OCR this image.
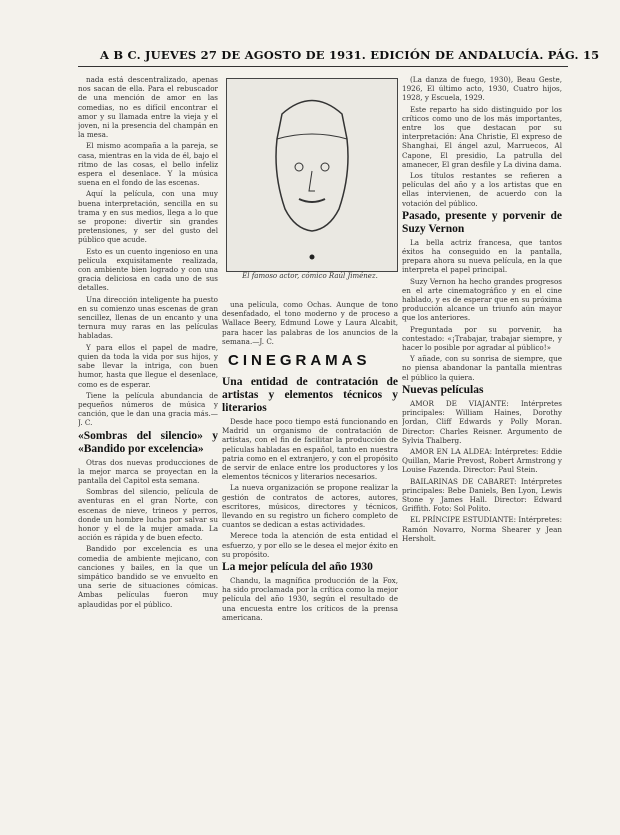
A B C. JUEVES 27 DE AGOSTO DE 1931. EDICIÓN DE ANDALUCÍA. PÁG. 15

nada está descentralizado, apenas nos sacan de ella. Para el rebuscador de una mención de amor en las comedias, no es difícil encontrar el amor y su llamada entre la vieja y el joven, ni la presencia del champán en la mesa.

El mismo acompaña a la pareja, se casa, mientras en la vida de él, bajo el ritmo de las cosas, el bello infeliz espera el desenlace. Y la música suena en el fondo de las escenas.

Aquí la película, con una muy buena interpretación, sencilla en su trama y en sus medios, llega a lo que se propone: divertir sin grandes pretensiones, y ser del gusto del público que acude.

Esto es un cuento ingenioso en una película exquisitamente realizada, con ambiente bien logrado y con una gracia deliciosa en cada uno de sus detalles.

Una dirección inteligente ha puesto en su comienzo unas escenas de gran sencillez, llenas de un encanto y una ternura muy raras en las películas habladas.

Y para ellos el papel de madre, quien da toda la vida por sus hijos, y sabe llevar la intriga, con buen humor, hasta que llegue el desenlace, como es de esperar.

Tiene la película abundancia de pequeños números de música y canción, que le dan una gracia más.—J. C.

«Sombras del silencio» y «Bandido por excelencia»

Otras dos nuevas producciones de la mejor marca se proyectan en la pantalla del Capitol esta semana.

Sombras del silencio, película de aventuras en el gran Norte, con escenas de nieve, trineos y perros, donde un hombre lucha por salvar su honor y el de la mujer amada. La acción es rápida y de buen efecto.

Bandido por excelencia es una comedia de ambiente mejicano, con canciones y bailes, en la que un simpático bandido se ve envuelto en una serie de situaciones cómicas. Ambas películas fueron muy aplaudidas por el público.

El famoso actor, cómico Raúl Jiménez.

una película, como Ochas. Aunque de tono desenfadado, el tono moderno y de proceso a Wallace Beery, Edmund Lowe y Laura Alcabit, para hacer las palabras de los anuncios de la semana.—J. C.

CINEGRAMAS

Una entidad de contratación de artistas y elementos técnicos y literarios

Desde hace poco tiempo está funcionando en Madrid un organismo de contratación de artistas, con el fin de facilitar la producción de películas habladas en español, tanto en nuestra patria como en el extranjero, y con el propósito de servir de enlace entre los productores y los elementos técnicos y literarios necesarios.

La nueva organización se propone realizar la gestión de contratos de actores, autores, escritores, músicos, directores y técnicos, llevando en su registro un fichero completo de cuantos se dedican a estas actividades.

Merece toda la atención de esta entidad el esfuerzo, y por ello se le desea el mejor éxito en su propósito.

La mejor película del año 1930

Chandu, la magnífica producción de la Fox, ha sido proclamada por la crítica como la mejor película del año 1930, según el resultado de una encuesta entre los críticos de la prensa americana.

(La danza de fuego, 1930), Beau Geste, 1926, El último acto, 1930, Cuatro hijos, 1928, y Escuela, 1929.

Este reparto ha sido distinguido por los críticos como uno de los más importantes, entre los que destacan por su interpretación: Ana Christie, El expreso de Shanghai, El ángel azul, Marruecos, Al Capone, El presidio, La patrulla del amanecer, El gran desfile y La divina dama.

Los títulos restantes se refieren a películas del año y a los artistas que en ellas intervienen, de acuerdo con la votación del público.

Pasado, presente y porvenir de Suzy Vernon

La bella actriz francesa, que tantos éxitos ha conseguido en la pantalla, prepara ahora su nueva película, en la que interpreta el papel principal.

Suzy Vernon ha hecho grandes progresos en el arte cinematográfico y en el cine hablado, y es de esperar que en su próxima producción alcance un triunfo aún mayor que los anteriores.

Preguntada por su porvenir, ha contestado: «¡Trabajar, trabajar siempre, y hacer lo posible por agradar al público!»

Y añade, con su sonrisa de siempre, que no piensa abandonar la pantalla mientras el público la quiera.

Nuevas películas

AMOR DE VIAJANTE: Intérpretes principales: William Haines, Dorothy Jordan, Cliff Edwards y Polly Moran. Director: Charles Reisner. Argumento de Sylvia Thalberg.

AMOR EN LA ALDEA: Intérpretes: Eddie Quillan, Marie Prevost, Robert Armstrong y Louise Fazenda. Director: Paul Stein.

BAILARINAS DE CABARET: Intérpretes principales: Bebe Daniels, Ben Lyon, Lewis Stone y James Hall. Director: Edward Griffith. Foto: Sol Polito.

EL PRÍNCIPE ESTUDIANTE: Intérpretes: Ramón Novarro, Norma Shearer y Jean Hersholt.
